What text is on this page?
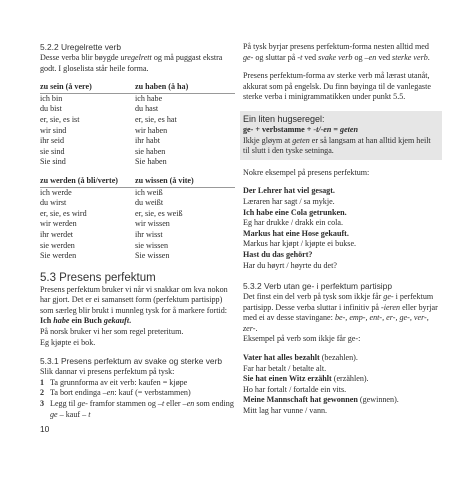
5.2.2 Uregelrette verb

Desse verba blir bøygde uregelrett og må puggast ekstra godt. I gloselista står heile forma.

zu sein (å vere)
ich bin
du bist
er, sie, es ist
wir sind
ihr seid
sie sind
Sie sind
zu haben (å ha)
ich habe
du hast
er, sie, es hat
wir haben
ihr habt
sie haben
Sie haben
zu werden (å bli/verte)
ich werde
du wirst
er, sie, es wird
wir werden
ihr werdet
sie werden
Sie werden
zu wissen (å vite)
ich weiß
du weißt
er, sie, es weiß
wir wissen
ihr wisst
sie wissen
Sie wissen
5.3 Presens perfektum

Presens perfektum bruker vi når vi snakkar om kva nokon har gjort. Det er ei samansett form (perfektum partisipp) som særleg blir brukt i munnleg tysk for å markere fortid:

Ich habe ein Buch gekauft.

På norsk bruker vi her som regel preteritum.

Eg kjøpte ei bok.

5.3.1 Presens perfektum av svake og sterke verb

Slik dannar vi presens perfektum på tysk:

1 Ta grunnforma av eit verb: kaufen = kjøpe
2 Ta bort endinga –en: kauf (= verbstammen)
3 Legg til ge- framfor stammen og –t eller –en som ending ge – kauf – t

På tysk byrjar presens perfektum-forma nesten alltid med ge- og sluttar på -t ved svake verb og –en ved sterke verb.

Presens perfektum-forma av sterke verb må lærast utanåt, akkurat som på engelsk. Du finn bøyinga til de vanlegaste sterke verba i minigrammatikken under punkt 5.5.

Ein liten hugseregel:

ge- + verbstamme + -t/-en = geten

Ikkje gløym at geten er så langsam at han alltid kjem heilt til slutt i den tyske setninga.

Nokre eksempel på presens perfektum:

Der Lehrer hat viel gesagt.

Læraren har sagt / sa mykje.

Ich habe eine Cola getrunken.

Eg har drukke / drakk ein cola.

Markus hat eine Hose gekauft.

Markus har kjøpt / kjøpte ei bukse.

Hast du das gehört?

Har du høyrt / høyrte du det?

5.3.2 Verb utan ge- i perfektum partisipp

Det finst ein del verb på tysk som ikkje får ge- i perfektum partisipp. Desse verba sluttar i infinitiv på -ieren eller byrjar med ei av desse stavingane: be-, emp-, ent-, er-, ge-, ver-, zer-.

Eksempel på verb som ikkje får ge-:

Vater hat alles bezahlt (bezahlen).

Far har betalt / betalte alt.

Sie hat einen Witz erzählt (erzählen).

Ho har fortalt / fortalde ein vits.

Meine Mannschaft hat gewonnen (gewinnen).

Mitt lag har vunne / vann.

10
